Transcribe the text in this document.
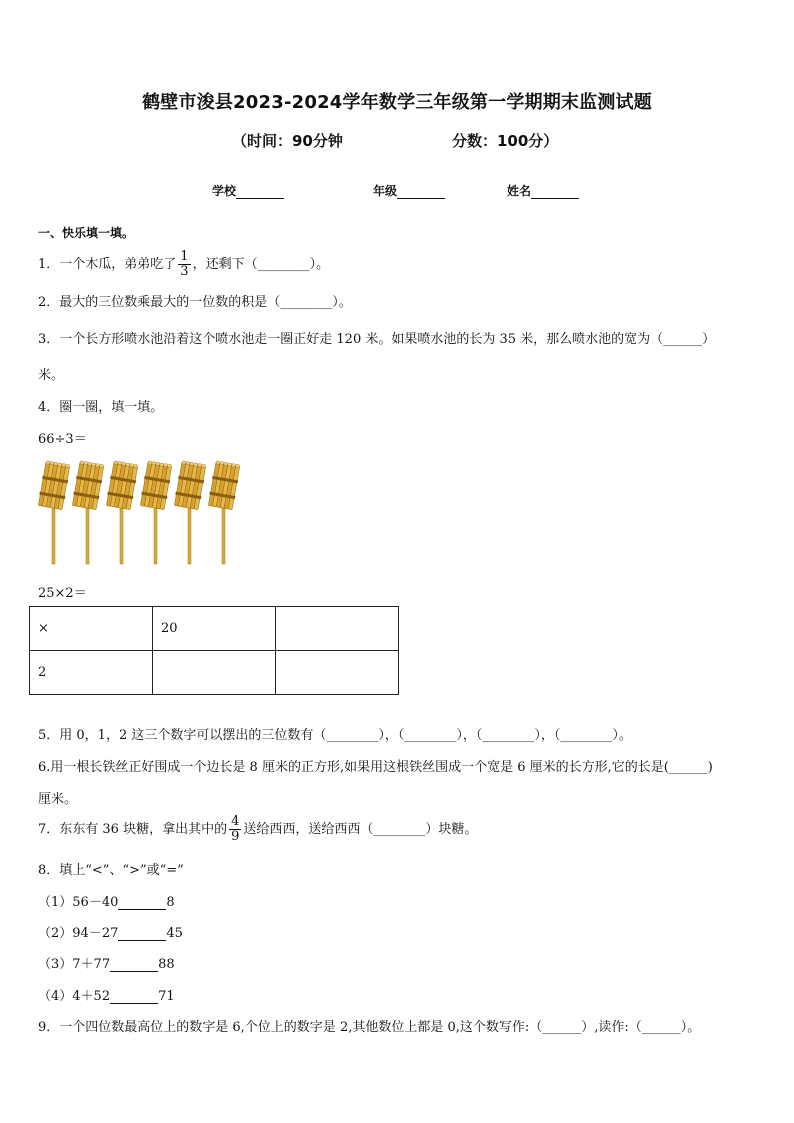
鹤壁市浚县2023-2024学年数学三年级第一学期期末监测试题
（时间：90分钟	分数：100分）
学校	年级	姓名
一、快乐填一填。
1．一个木瓜，弟弟吃了 $\frac{1}{3}$ ，还剩下（________）。
2．最大的三位数乘最大的一位数的积是（________）。
3．一个长方形喷水池沿着这个喷水池走一圈正好走 120 米。如果喷水池的长为 35 米，那么喷水池的宽为（______）
米。
4．圈一圈，填一填。
66÷3＝
25×2＝
×	20	
2		
5．用 0，1，2 这三个数字可以摆出的三位数有（________），（________），（________），（________）。
6.用一根长铁丝正好围成一个边长是 8 厘米的正方形,如果用这根铁丝围成一个宽是 6 厘米的长方形,它的长是(______)
厘米。
7．东东有 36 块糖，拿出其中的 $\frac{4}{9}$ 送给西西，送给西西（________）块糖。
8．填上“<”、“>”或“=”
（1）56－40	8
（2）94－27	45
（3）7＋77	88
（4）4＋52	71
9．一个四位数最高位上的数字是 6,个位上的数字是 2,其他数位上都是 0,这个数写作:（______）,读作:（______）。
